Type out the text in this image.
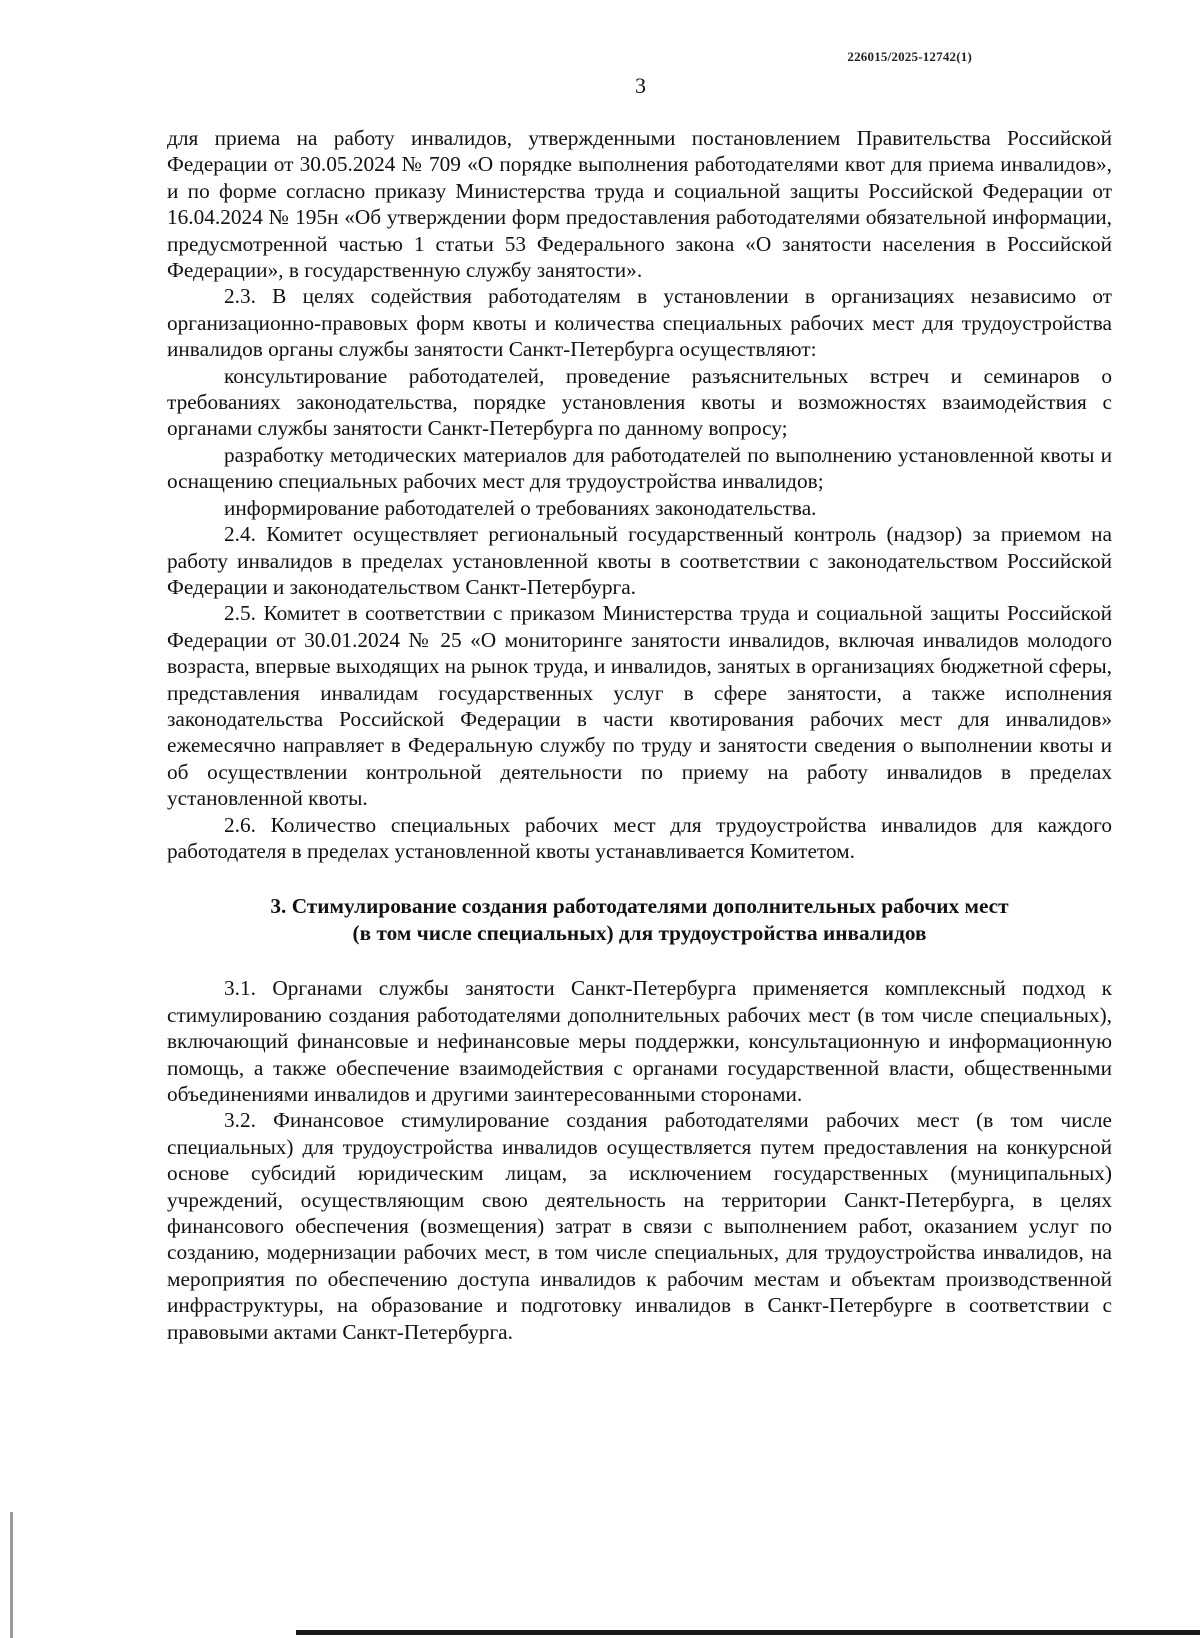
226015/2025-12742(1)
3

для приема на работу инвалидов, утвержденными постановлением Правительства Российской Федерации от 30.05.2024 № 709 «О порядке выполнения работодателями квот для приема инвалидов», и по форме согласно приказу Министерства труда и социальной защиты Российской Федерации от 16.04.2024 № 195н «Об утверждении форм предоставления работодателями обязательной информации, предусмотренной частью 1 статьи 53 Федерального закона «О занятости населения в Российской Федерации», в государственную службу занятости».

2.3. В целях содействия работодателям в установлении в организациях независимо от организационно-правовых форм квоты и количества специальных рабочих мест для трудоустройства инвалидов органы службы занятости Санкт-Петербурга осуществляют:

консультирование работодателей, проведение разъяснительных встреч и семинаров о требованиях законодательства, порядке установления квоты и возможностях взаимодействия с органами службы занятости Санкт-Петербурга по данному вопросу;

разработку методических материалов для работодателей по выполнению установленной квоты и оснащению специальных рабочих мест для трудоустройства инвалидов;

информирование работодателей о требованиях законодательства.

2.4. Комитет осуществляет региональный государственный контроль (надзор) за приемом на работу инвалидов в пределах установленной квоты в соответствии с законодательством Российской Федерации и законодательством Санкт-Петербурга.

2.5. Комитет в соответствии с приказом Министерства труда и социальной защиты Российской Федерации от 30.01.2024 № 25 «О мониторинге занятости инвалидов, включая инвалидов молодого возраста, впервые выходящих на рынок труда, и инвалидов, занятых в организациях бюджетной сферы, представления инвалидам государственных услуг в сфере занятости, а также исполнения законодательства Российской Федерации в части квотирования рабочих мест для инвалидов» ежемесячно направляет в Федеральную службу по труду и занятости сведения о выполнении квоты и об осуществлении контрольной деятельности по приему на работу инвалидов в пределах установленной квоты.

2.6. Количество специальных рабочих мест для трудоустройства инвалидов для каждого работодателя в пределах установленной квоты устанавливается Комитетом.

3. Стимулирование создания работодателями дополнительных рабочих мест
(в том числе специальных) для трудоустройства инвалидов

3.1. Органами службы занятости Санкт-Петербурга применяется комплексный подход к стимулированию создания работодателями дополнительных рабочих мест (в том числе специальных), включающий финансовые и нефинансовые меры поддержки, консультационную и информационную помощь, а также обеспечение взаимодействия с органами государственной власти, общественными объединениями инвалидов и другими заинтересованными сторонами.

3.2. Финансовое стимулирование создания работодателями рабочих мест (в том числе специальных) для трудоустройства инвалидов осуществляется путем предоставления на конкурсной основе субсидий юридическим лицам, за исключением государственных (муниципальных) учреждений, осуществляющим свою деятельность на территории Санкт-Петербурга, в целях финансового обеспечения (возмещения) затрат в связи с выполнением работ, оказанием услуг по созданию, модернизации рабочих мест, в том числе специальных, для трудоустройства инвалидов, на мероприятия по обеспечению доступа инвалидов к рабочим местам и объектам производственной инфраструктуры, на образование и подготовку инвалидов в Санкт-Петербурге в соответствии с правовыми актами Санкт-Петербурга.
